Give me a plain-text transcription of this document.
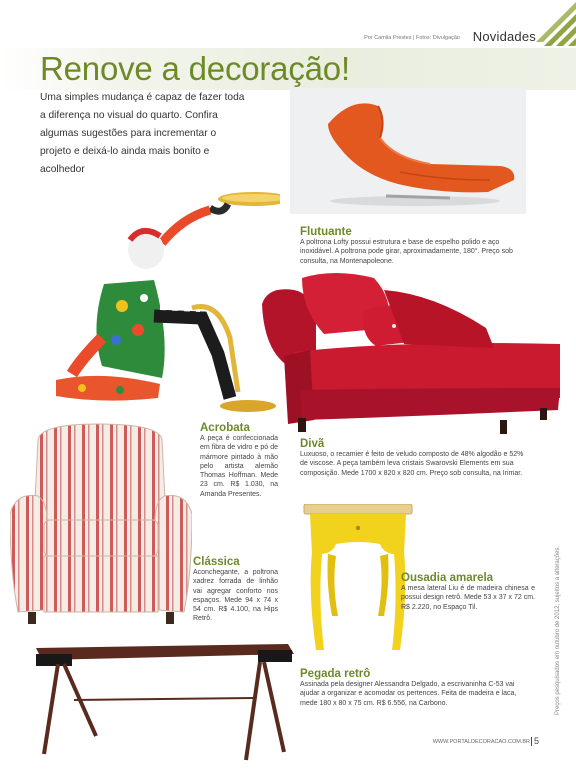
Por Camila Prestes | Fotos: Divulgação Novidades
Renove a decoração!
Uma simples mudança é capaz de fazer toda a diferença no visual do quarto. Confira algumas sugestões para incrementar o projeto e deixá-lo ainda mais bonito e acolhedor
Flutuante
A poltrona Lofty possui estrutura e base de espelho polido e aço inoxidável. A poltrona pode girar, aproximadamente, 180°. Preço sob consulta, na Montenapoleone.
Acrobata
A peça é confeccionada em fibra de vidro e pó de mármore pintado à mão pelo artista alemão Thomas Hoffman. Mede 23 cm. R$ 1.030, na Amanda Presentes.
Divã
Luxuoso, o recamier é feito de veludo composto de 48% algodão e 52% de viscose. A peça também leva cristais Swarovski Elements em sua composição. Mede 1700 x 820 x 820 cm. Preço sob consulta, na Irimar.
Clássica
Aconchegante, a poltrona xadrez forrada de linhão vai agregar conforto nos espaços. Mede 94 x 74 x 54 cm. R$ 4.100, na Hips Retrô.
Ousadia amarela
A mesa lateral Liu é de madeira chinesa e possui design retrô. Mede 53 x 37 x 72 cm. R$ 2.220, no Espaço Til.
Pegada retrô
Assinada pela designer Alessandra Delgado, a escrivaninha C-53 vai ajudar a organizar e acomodar os pertences. Feita de madeira e laca, mede 180 x 80 x 75 cm. R$ 6.556, na Carbono.	Preços pesquisados em outubro de 2012, sujeitos a alterações.
WWW.PORTALDECORACAO.COM.BR 5
